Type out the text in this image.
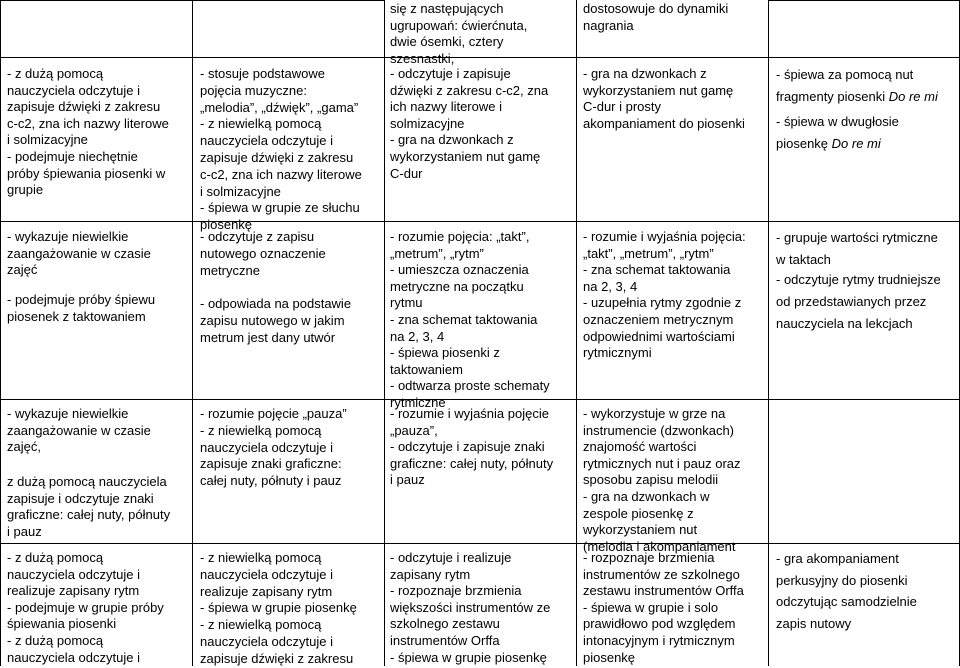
- z dużą pomocą
nauczyciela odczytuje i
zapisuje dźwięki z zakresu
c-c2, zna ich nazwy literowe
i solmizacyjne
- podejmuje niechętnie
próby śpiewania piosenki w
grupie

- wykazuje niewielkie
zaangażowanie w czasie
zajęć

- podejmuje próby śpiewu
piosenek z taktowaniem

- wykazuje niewielkie
zaangażowanie w czasie
zajęć,

z dużą pomocą nauczyciela
zapisuje i odczytuje znaki
graficzne: całej nuty, półnuty
i pauz

- z dużą pomocą
nauczyciela odczytuje i
realizuje zapisany rytm
- podejmuje w grupie próby
śpiewania piosenki
- z dużą pomocą
nauczyciela odczytuje i

- stosuje podstawowe
pojęcia muzyczne:
„melodia”, „dźwięk”, „gama”
- z niewielką pomocą
nauczyciela odczytuje i
zapisuje dźwięki z zakresu
c-c2, zna ich nazwy literowe
i solmizacyjne
- śpiewa w grupie ze słuchu
piosenkę

- odczytuje z zapisu
nutowego oznaczenie
metryczne

- odpowiada na podstawie
zapisu nutowego w jakim
metrum jest dany utwór

- rozumie pojęcie „pauza”
- z niewielką pomocą
nauczyciela odczytuje i
zapisuje znaki graficzne:
całej nuty, półnuty i pauz

- z niewielką pomocą
nauczyciela odczytuje i
realizuje zapisany rytm
- śpiewa w grupie piosenkę
- z niewielką pomocą
nauczyciela odczytuje i
zapisuje dźwięki z zakresu

się z następujących
ugrupowań: ćwierćnuta,
dwie ósemki, cztery
szesnastki,

- odczytuje i zapisuje
dźwięki z zakresu c-c2, zna
ich nazwy literowe i
solmizacyjne
- gra na dzwonkach z
wykorzystaniem nut gamę
C-dur

- rozumie pojęcia: „takt”,
„metrum”, „rytm”
- umieszcza oznaczenia
metryczne na początku
rytmu
- zna schemat taktowania
na 2, 3, 4
- śpiewa piosenki z
taktowaniem
- odtwarza proste schematy
rytmiczne

- rozumie i wyjaśnia pojęcie
„pauza”,
- odczytuje i zapisuje znaki
graficzne: całej nuty, półnuty
i pauz

- odczytuje i realizuje
zapisany rytm
- rozpoznaje brzmienia
większości instrumentów ze
szkolnego zestawu
instrumentów Orffa
- śpiewa w grupie piosenkę

dostosowuje do dynamiki
nagrania

- gra na dzwonkach z
wykorzystaniem nut gamę
C-dur i prosty
akompaniament do piosenki

- rozumie i wyjaśnia pojęcia:
„takt”, „metrum”, „rytm”
- zna schemat taktowania
na 2, 3, 4
- uzupełnia rytmy zgodnie z
oznaczeniem metrycznym
odpowiednimi wartościami
rytmicznymi

- wykorzystuje w grze na
instrumencie (dzwonkach)
znajomość wartości
rytmicznych nut i pauz oraz
sposobu zapisu melodii
- gra na dzwonkach w
zespole piosenkę z
wykorzystaniem nut
(melodia i akompaniament

- rozpoznaje brzmienia
instrumentów ze szkolnego
zestawu instrumentów Orffa
- śpiewa w grupie i solo
prawidłowo pod względem
intonacyjnym i rytmicznym
piosenkę

- śpiewa za pomocą nut
fragmenty piosenki Do re mi

- śpiewa w dwugłosie
piosenkę Do re mi

- grupuje wartości rytmiczne
w taktach

- odczytuje rytmy trudniejsze
od przedstawianych przez
nauczyciela na lekcjach

- gra akompaniament
perkusyjny do piosenki
odczytując samodzielnie
zapis nutowy
